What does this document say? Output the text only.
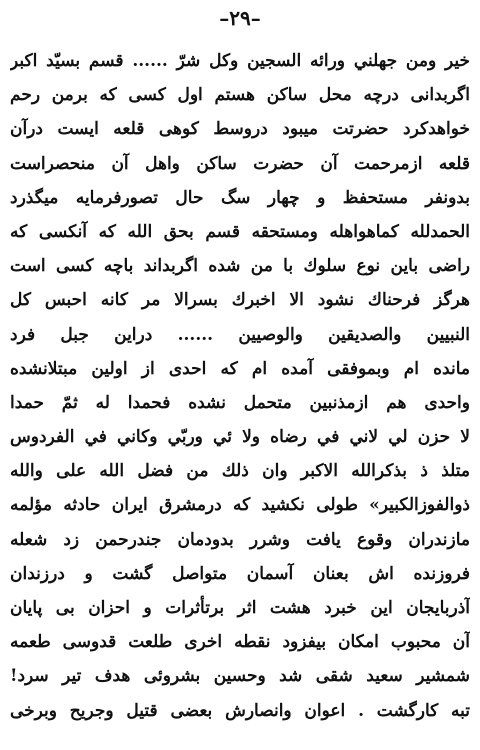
–۲۹–
خير ومن جهلني ورائه السجين وكل شرّ ...... قسم بسيّد اكبر
اگربدانی درچه محل ساکن هستم اول کسی که برمن رحم
خواهدکرد حضرتت میبود دروسط کوهی قلعه ایست درآن
قلعه ازمرحمت آن حضرت ساکن واهل آن منحصراست
بدونفر مستحفظ و چهار سگ حال تصورفرمایه میگذرد
الحمدلله کماهواهله ومستحقه قسم بحق الله که آنکسی که
راضی باین نوع سلوك با من شده اگربداند باچه کسی است
هرگز فرحناك نشود الا اخبرك بسرالا مر كانه احبس كل
النبيين والصديقين والوصيين ...... دراین جبل فرد
مانده ام وبموفقی آمده ام که احدی از اولین مبتلانشده
واحدی هم ازمذنبین متحمل نشده فحمدا له ثمّ حمدا
لا حزن لي لاني في رضاه ولا ئي وربّي وكاني في الفردوس
متلذ ذ بذكرالله الاكبر وان ذلك من فضل الله على والله
ذوالفوزالكبير» طولی نکشید که درمشرق ایران حادثه مؤلمه
مازندران وقوع یافت وشرر بدودمان جندرحمن زد شعله
فروزنده اش بعنان آسمان متواصل گشت و درزندان
آذربایجان این خبرد هشت اثر برتأثرات و احزان بی پایان
آن محبوب امکان بیفزود نقطه اخری طلعت قدوسی طعمه
شمشیر سعید شقی شد وحسین بشروئی هدف تیر سرد!
تبه کارگشت . اعوان وانصارش بعضی قتیل وجریح وبرخی
